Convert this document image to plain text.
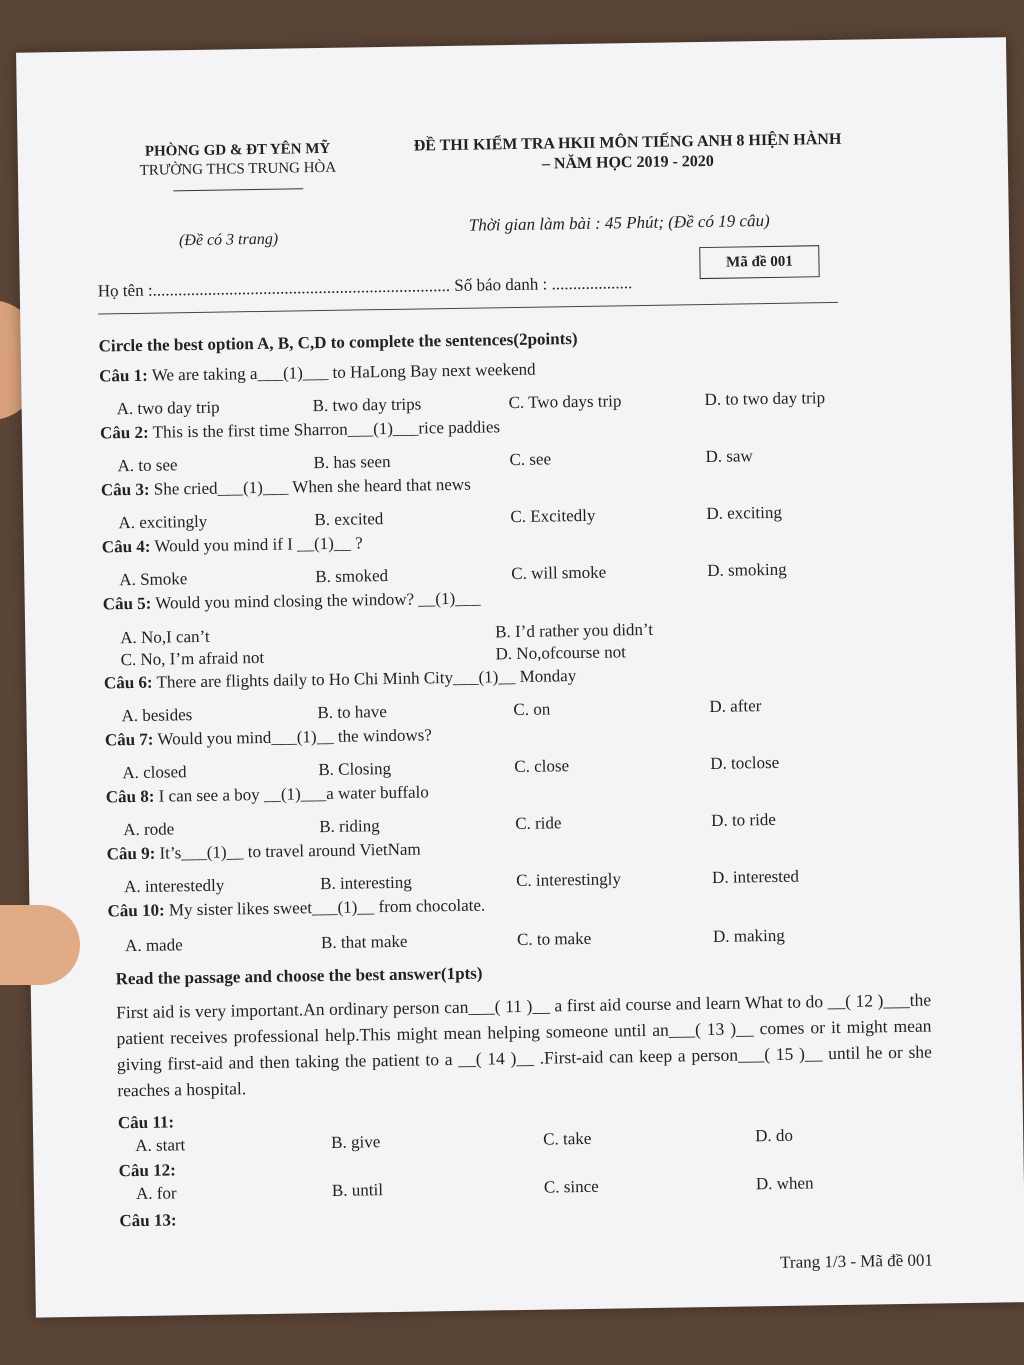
PHÒNG GD & ĐT YÊN MỸ
TRƯỜNG THCS TRUNG HÒA
ĐỀ THI KIỂM TRA HKII MÔN TIẾNG ANH 8 HIỆN HÀNH
– NĂM HỌC 2019 - 2020
(Đề có 3 trang)
Thời gian làm bài : 45 Phút; (Đề có 19 câu)
Mã đề 001
Họ tên :...................................................................... Số báo danh : ...................
Circle the best option A, B, C,D to complete the sentences(2points)
Câu 1: We are taking a___(1)___ to HaLong Bay next weekend
A. two day trip	B. two day trips	C. Two days trip	D. to two day trip
Câu 2: This is the first time Sharron___(1)___rice paddies
A. to see	B. has seen	C. see	D. saw
Câu 3: She cried___(1)___ When she heard that news
A. excitingly	B. excited	C. Excitedly	D. exciting
Câu 4: Would you mind if I __(1)__ ?
A. Smoke	B. smoked	C. will smoke	D. smoking
Câu 5: Would you mind closing the window? __(1)___
A. No,I can’t	B. I’d rather you didn’t
C. No, I’m afraid not	D. No,ofcourse not
Câu 6: There are flights daily to Ho Chi Minh City___(1)__ Monday
A. besides	B. to have	C. on	D. after
Câu 7: Would you mind___(1)__ the windows?
A. closed	B. Closing	C. close	D. toclose
Câu 8: I can see a boy __(1)___a water buffalo
A. rode	B. riding	C. ride	D. to ride
Câu 9: It’s___(1)__ to travel around VietNam
A. interestedly	B. interesting	C. interestingly	D. interested
Câu 10: My sister likes sweet___(1)__ from chocolate.
A. made	B. that make	C. to make	D. making
Read the passage and choose the best answer(1pts)
First aid is very important.An ordinary person can___( 11 )__ a first aid course and learn What to do __( 12 )___the patient receives professional help.This might mean helping someone until an___( 13 )__ comes or it might mean giving first-aid and then taking the patient to a __( 14 )__ .First-aid can keep a person___( 15 )__ until he or she reaches a hospital.
Câu 11:
A. start	B. give	C. take	D. do
Câu 12:
A. for	B. until	C. since	D. when
Câu 13:
Trang 1/3 - Mã đề 001
